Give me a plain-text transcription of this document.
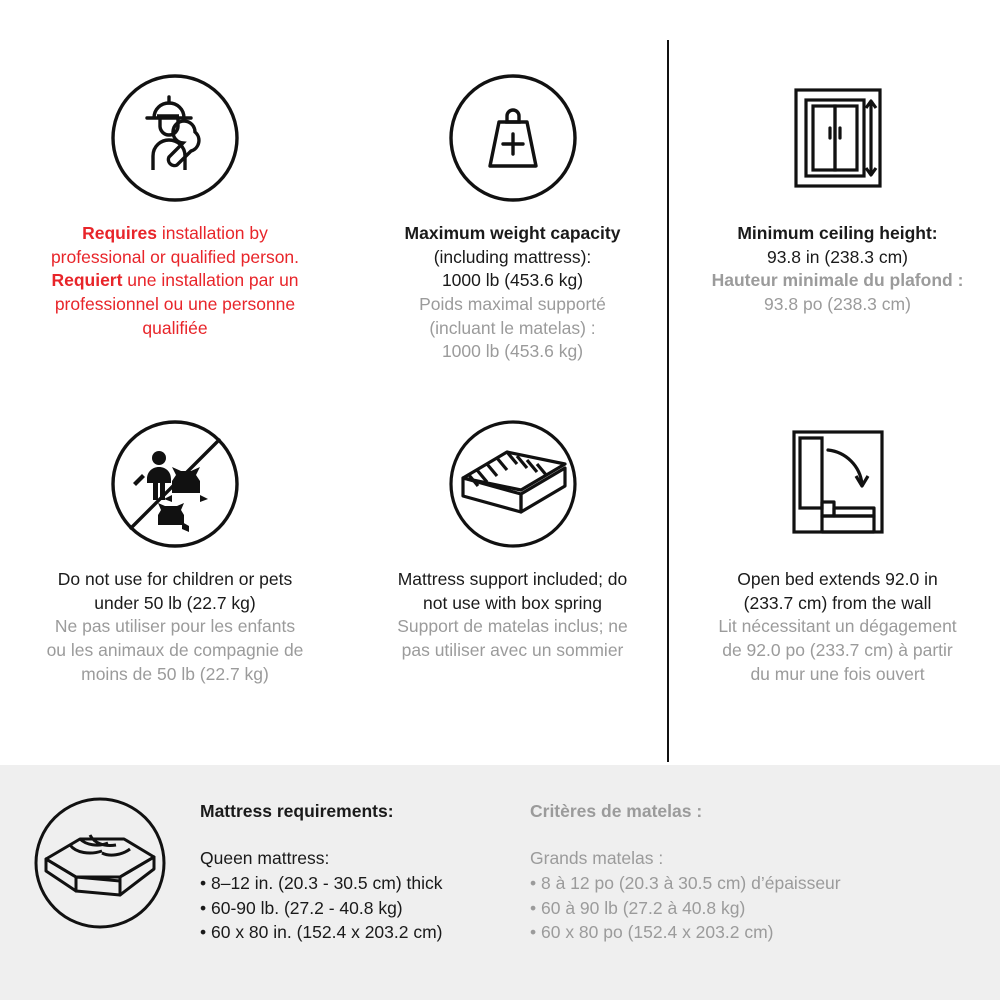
Requires installation by

professional or qualified person.

Requiert une installation par un

professionnel ou une personne

qualifiée

Maximum weight capacity

(including mattress):

1000 lb (453.6 kg)

Poids maximal supporté

(incluant le matelas) :

1000 lb (453.6 kg)

Minimum ceiling height:

93.8 in (238.3 cm)

Hauteur minimale du plafond :

93.8 po (238.3 cm)

Do not use for children or pets

under 50 lb (22.7 kg)

Ne pas utiliser pour les enfants

ou les animaux de compagnie de

moins de 50 lb (22.7 kg)

Mattress support included; do

not use with box spring

Support de matelas inclus; ne

pas utiliser avec un sommier

Open bed extends 92.0 in

(233.7 cm) from the wall

Lit nécessitant un dégagement

de 92.0 po (233.7 cm) à partir

du mur une fois ouvert

Mattress requirements:
Queen mattress:
• 8–12 in. (20.3 - 30.5 cm) thick
• 60-90 lb. (27.2 - 40.8 kg)
• 60 x 80 in. (152.4 x 203.2 cm)
Critères de matelas :
Grands matelas :
• 8 à 12 po (20.3 à 30.5 cm) d’épaisseur
• 60 à 90 lb (27.2 à 40.8 kg)
• 60 x 80 po (152.4 x 203.2 cm)
